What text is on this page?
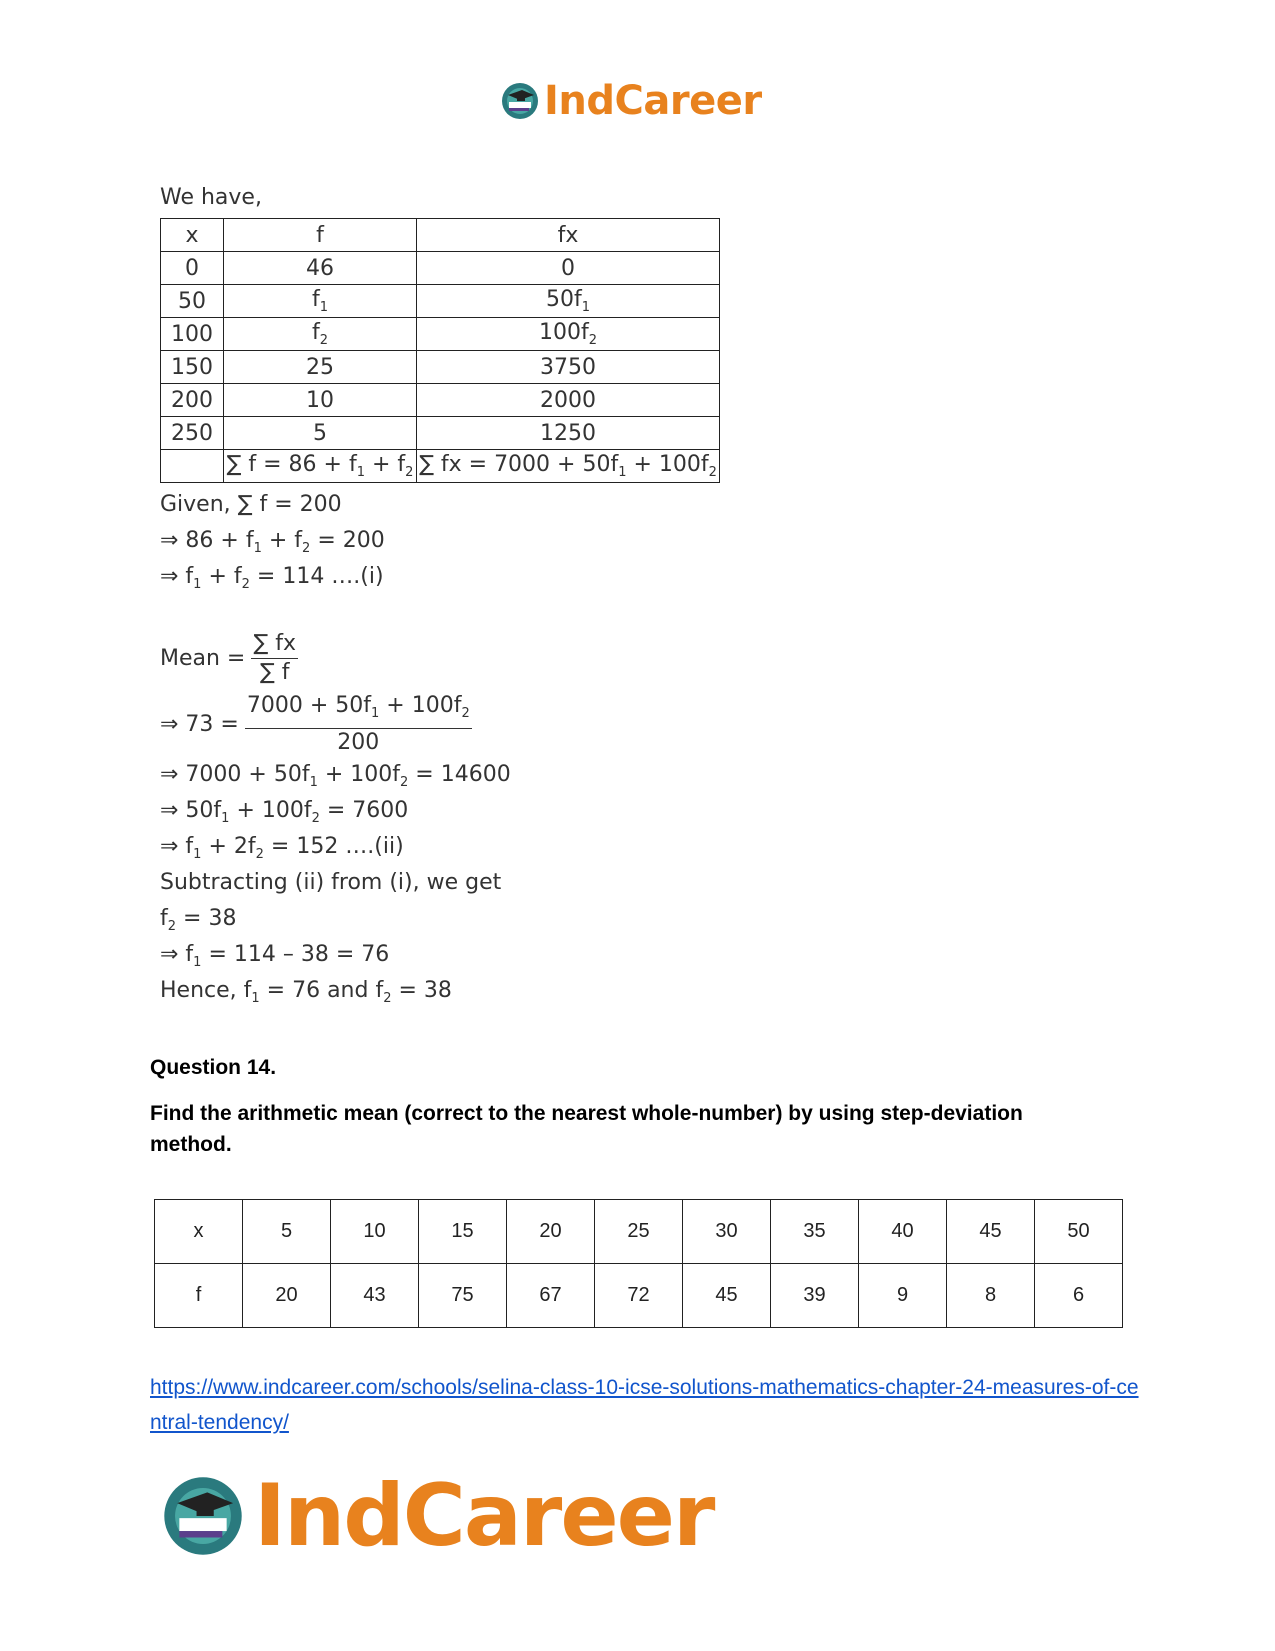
IndCareer
We have,
x	f	fx
0	46	0
50	$f_1$	$50f_1$
100	$f_2$	$100f_2$
150	25	3750
200	10	2000
250	5	1250
	∑ $f = 86 + f_1 + f_2$	∑ fx = $7000 + 50f_1 + 100f_2$
Given, ∑ f = 200
⇒ $86 + f_1 + f_2 = 200$
⇒ $f_1 + f_2 = 114$ ….(i)
Mean = $\frac{\sum fx}{\sum f}$
⇒ $73 = \frac{7000 + 50f_1 + 100f_2}{200}$
⇒ $7000 + 50f_1 + 100f_2 = 14600$
⇒ $50f_1 + 100f_2 = 7600$
⇒ $f_1 + 2f_2 = 152$ ….(ii)
Subtracting (ii) from (i), we get
$f_2 = 38$
⇒ $f_1 = 114 - 38 = 76$
Hence, $f_1 = 76$ and $f_2 = 38$
Question 14.
Find the arithmetic mean (correct to the nearest whole-number) by using step-deviation method.
x	5	10	15	20	25	30	35	40	45	50
f	20	43	75	67	72	45	39	9	8	6
https://www.indcareer.com/schools/selina-class-10-icse-solutions-mathematics-chapter-24-measures-of-central-tendency/
IndCareer
